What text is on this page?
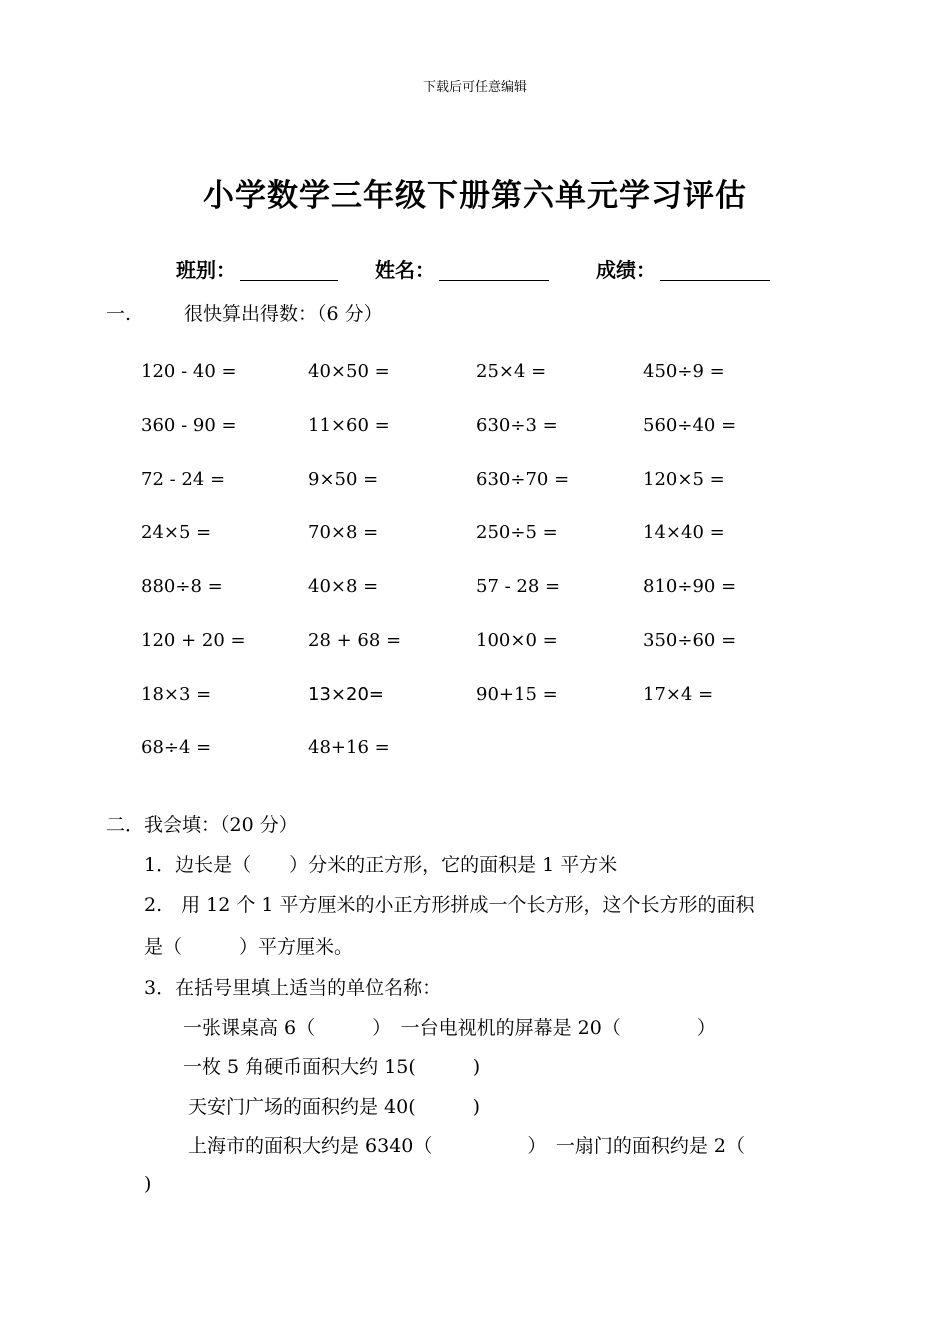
下载后可任意编辑
小学数学三年级下册第六单元学习评估
班别：	姓名：	成绩：
一.	很快算出得数：（6 分）
120 - 40 =	40×50 =	25×4 =	450÷9 =
360 - 90 =	11×60 =	630÷3 =	560÷40 =
72 - 24 =	9×50 =	630÷70 =	120×5 =
24×5 =	70×8 =	250÷5 =	14×40 =
880÷8 =	40×8 =	57 - 28 =	810÷90 =
120 + 20 =	28 + 68 =	100×0 =	350÷60 =
18×3 =	13×20=	90+15 =	17×4 =
68÷4 =	48+16 =
二．我会填：（20 分）
1．边长是（　　）分米的正方形，它的面积是 1 平方米
2.　用 12 个 1 平方厘米的小正方形拼成一个长方形，这个长方形的面积
是（　　　）平方厘米。
3．在括号里填上适当的单位名称：
一张课桌高 6（　　　）　一台电视机的屏幕是 20（　　　　）
一枚 5 角硬币面积大约 15(　　　)
天安门广场的面积约是 40(　　　)
上海市的面积大约是 6340（　　　　　）　一扇门的面积约是 2（
)
